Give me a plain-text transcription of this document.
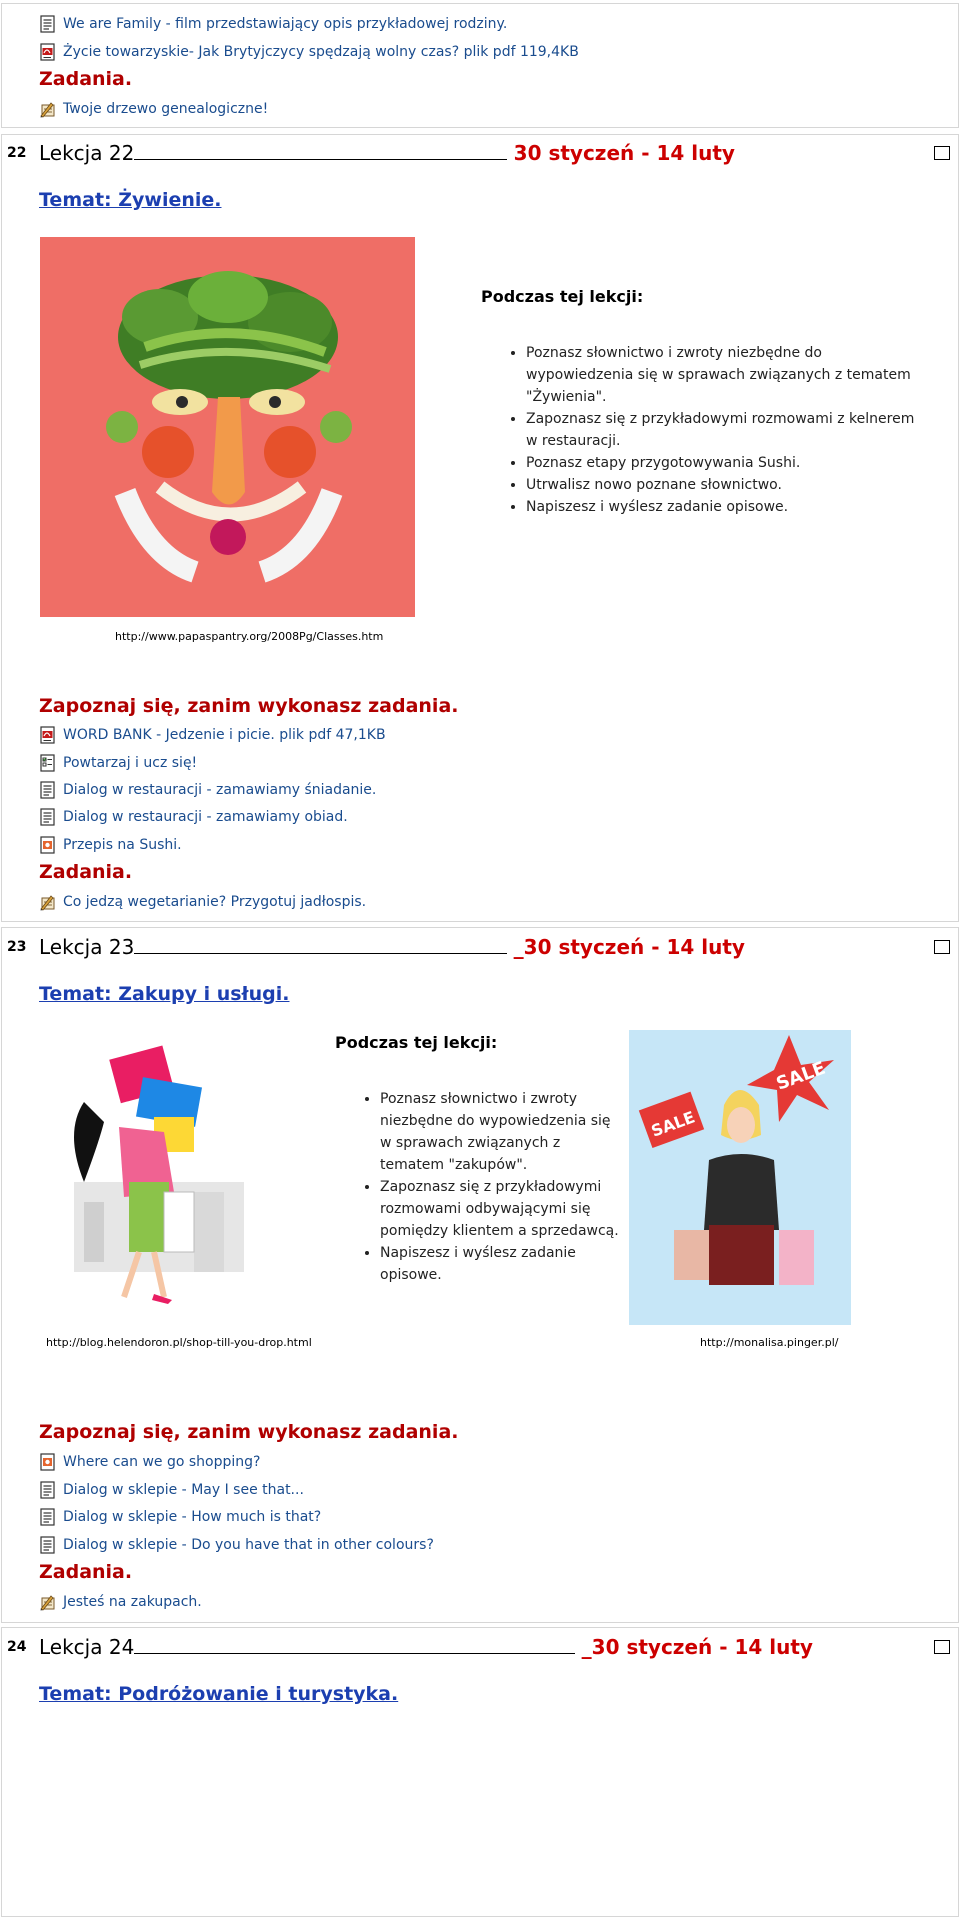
We are Family - film przedstawiający opis przykładowej rodziny.
Życie towarzyskie- Jak Brytyjczycy spędzają wolny czas? plik pdf 119,4KB
Zadania.
Twoje drzewo genealogiczne!
22 Lekcja 22	30 styczeń - 14 luty
Temat: Żywienie.
http://www.papaspantry.org/2008Pg/Classes.htm
Podczas tej lekcji:
• Poznasz słownictwo i zwroty niezbędne do wypowiedzenia się w sprawach związanych z tematem "Żywienia".
• Zapoznasz się z przykładowymi rozmowami z kelnerem w restauracji.
• Poznasz etapy przygotowywania Sushi.
• Utrwalisz nowo poznane słownictwo.
• Napiszesz i wyślesz zadanie opisowe.
Zapoznaj się, zanim wykonasz zadania.
WORD BANK - Jedzenie i picie. plik pdf 47,1KB
Powtarzaj i ucz się!
Dialog w restauracji - zamawiamy śniadanie.
Dialog w restauracji - zamawiamy obiad.
Przepis na Sushi.
Zadania.
Co jedzą wegetarianie? Przygotuj jadłospis.
23 Lekcja 23	_30 styczeń - 14 luty
Temat: Zakupy i usługi.
http://blog.helendoron.pl/shop-till-you-drop.html
Podczas tej lekcji:
• Poznasz słownictwo i zwroty niezbędne do wypowiedzenia się w sprawach związanych z tematem "zakupów".
• Zapoznasz się z przykładowymi rozmowami odbywającymi się pomiędzy klientem a sprzedawcą.
• Napiszesz i wyślesz zadanie opisowe.
SALE
SALE
http://monalisa.pinger.pl/
Zapoznaj się, zanim wykonasz zadania.
Where can we go shopping?
Dialog w sklepie - May I see that...
Dialog w sklepie - How much is that?
Dialog w sklepie - Do you have that in other colours?
Zadania.
Jesteś na zakupach.
24 Lekcja 24	_30 styczeń - 14 luty
Temat: Podróżowanie i turystyka.
